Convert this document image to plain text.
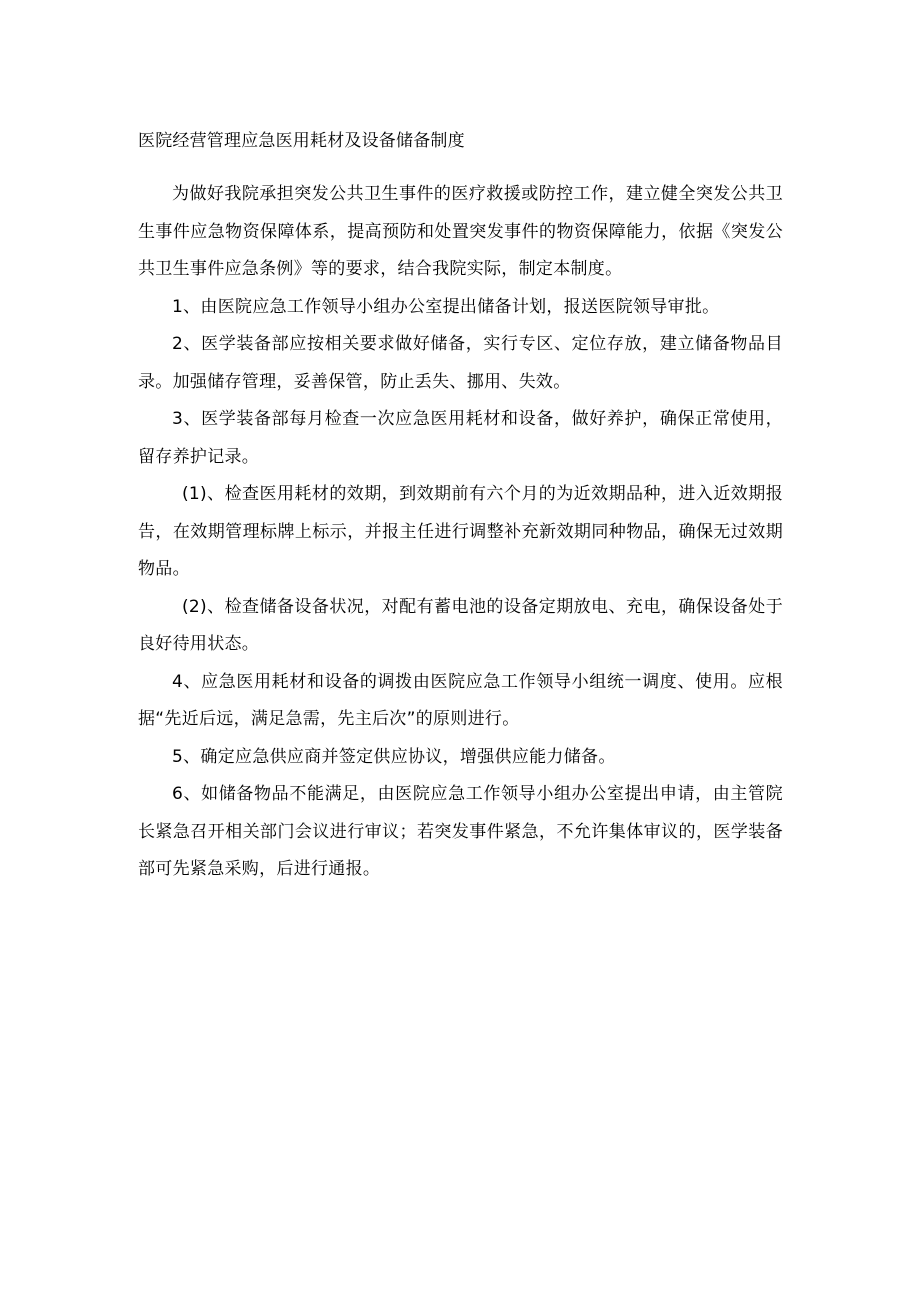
医院经营管理应急医用耗材及设备储备制度

为做好我院承担突发公共卫生事件的医疗救援或防控工作，建立健全突发公共卫生事件应急物资保障体系，提高预防和处置突发事件的物资保障能力，依据《突发公共卫生事件应急条例》等的要求，结合我院实际，制定本制度。

1、由医院应急工作领导小组办公室提出储备计划，报送医院领导审批。

2、医学装备部应按相关要求做好储备，实行专区、定位存放，建立储备物品目录。加强储存管理，妥善保管，防止丢失、挪用、失效。

3、医学装备部每月检查一次应急医用耗材和设备，做好养护，确保正常使用，留存养护记录。

(1)、检查医用耗材的效期，到效期前有六个月的为近效期品种，进入近效期报告，在效期管理标牌上标示，并报主任进行调整补充新效期同种物品，确保无过效期物品。

(2)、检查储备设备状况，对配有蓄电池的设备定期放电、充电，确保设备处于良好待用状态。

4、应急医用耗材和设备的调拨由医院应急工作领导小组统一调度、使用。应根据“先近后远，满足急需，先主后次”的原则进行。

5、确定应急供应商并签定供应协议，增强供应能力储备。

6、如储备物品不能满足，由医院应急工作领导小组办公室提出申请，由主管院长紧急召开相关部门会议进行审议；若突发事件紧急，不允许集体审议的，医学装备部可先紧急采购，后进行通报。
